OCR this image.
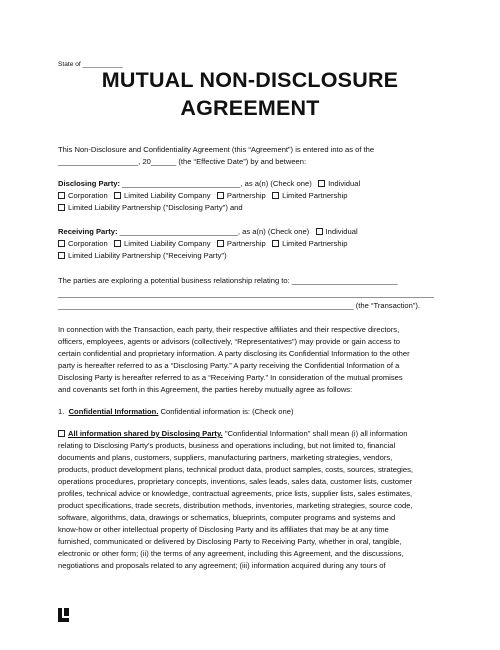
State of ___________
MUTUAL NON-DISCLOSURE
AGREEMENT
This Non-Disclosure and Confidentiality Agreement (this “Agreement”) is entered into as of the
___________________, 20______ (the “Effective Date”) by and between:
Disclosing Party: ____________________________, as a(n) (Check one) Individual
Corporation Limited Liability Company Partnership Limited Partnership
Limited Liability Partnership ("Disclosing Party") and
Receiving Party: ____________________________, as a(n) (Check one) Individual
Corporation Limited Liability Company Partnership Limited Partnership
Limited Liability Partnership ("Receiving Party")
The parties are exploring a potential business relationship relating to: _________________________
_________________________________________________________________________________________
______________________________________________________________________ (the “Transaction”).
In connection with the Transaction, each party, their respective affiliates and their respective directors,
officers, employees, agents or advisors (collectively, “Representatives”) may provide or gain access to
certain confidential and proprietary information. A party disclosing its Confidential Information to the other
party is hereafter referred to as a “Disclosing Party.” A party receiving the Confidential Information of a
Disclosing Party is hereafter referred to as a “Receiving Party.” In consideration of the mutual promises
and covenants set forth in this Agreement, the parties hereby mutually agree as follows:
1. Confidential Information. Confidential information is: (Check one)
All information shared by Disclosing Party. "Confidential Information" shall mean (i) all information
relating to Disclosing Party’s products, business and operations including, but not limited to, financial
documents and plans, customers, suppliers, manufacturing partners, marketing strategies, vendors,
products, product development plans, technical product data, product samples, costs, sources, strategies,
operations procedures, proprietary concepts, inventions, sales leads, sales data, customer lists, customer
profiles, technical advice or knowledge, contractual agreements, price lists, supplier lists, sales estimates,
product specifications, trade secrets, distribution methods, inventories, marketing strategies, source code,
software, algorithms, data, drawings or schematics, blueprints, computer programs and systems and
know-how or other intellectual property of Disclosing Party and its affiliates that may be at any time
furnished, communicated or delivered by Disclosing Party to Receiving Party, whether in oral, tangible,
electronic or other form; (ii) the terms of any agreement, including this Agreement, and the discussions,
negotiations and proposals related to any agreement; (iii) information acquired during any tours of
